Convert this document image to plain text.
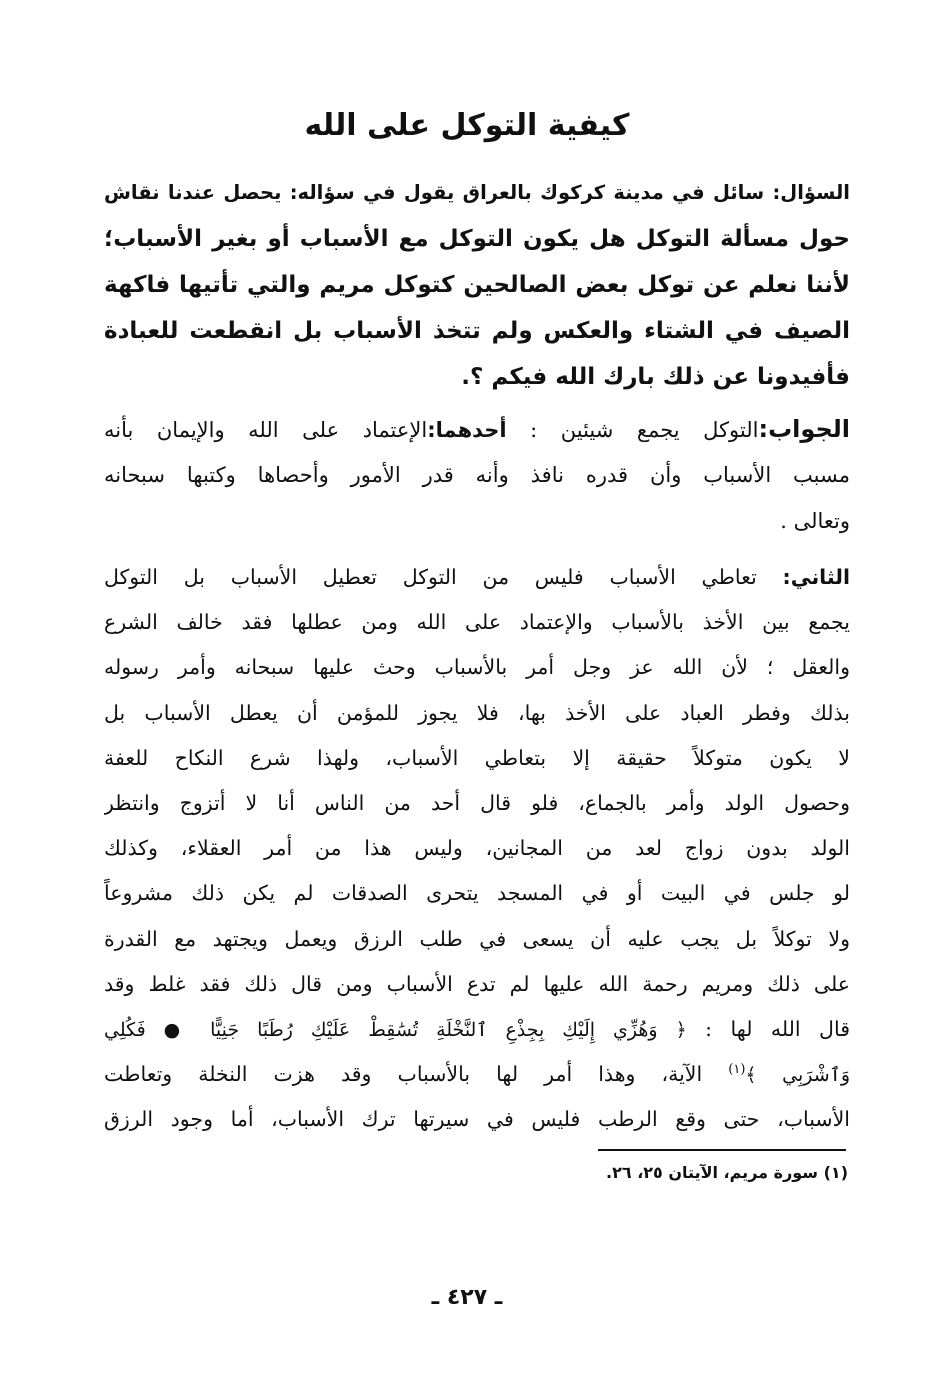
كيفية التوكل على الله
السؤال: سائل في مدينة كركوك بالعراق يقول في سؤاله: يحصل عندنا نقاش
حول مسألة التوكل هل يكون التوكل مع الأسباب أو بغير الأسباب؛
لأننا نعلم عن توكل بعض الصالحين كتوكل مريم والتي تأتيها فاكهة
الصيف في الشتاء والعكس ولم تتخذ الأسباب بل انقطعت للعبادة
فأفيدونا عن ذلك بارك الله فيكم ؟.
الجواب:التوكل يجمع شيئين : أحدهما:الإعتماد على الله والإيمان بأنه
مسبب الأسباب وأن قدره نافذ وأنه قدر الأمور وأحصاها وكتبها سبحانه
وتعالى .
الثاني: تعاطي الأسباب فليس من التوكل تعطيل الأسباب بل التوكل
يجمع بين الأخذ بالأسباب والإعتماد على الله ومن عطلها فقد خالف الشرع
والعقل ؛ لأن الله عز وجل أمر بالأسباب وحث عليها سبحانه وأمر رسوله
بذلك وفطر العباد على الأخذ بها، فلا يجوز للمؤمن أن يعطل الأسباب بل
لا يكون متوكلاً حقيقة إلا بتعاطي الأسباب، ولهذا شرع النكاح للعفة
وحصول الولد وأمر بالجماع، فلو قال أحد من الناس أنا لا أتزوج وانتظر
الولد بدون زواج لعد من المجانين، وليس هذا من أمر العقلاء، وكذلك
لو جلس في البيت أو في المسجد يتحرى الصدقات لم يكن ذلك مشروعاً
ولا توكلاً بل يجب عليه أن يسعى في طلب الرزق ويعمل ويجتهد مع القدرة
على ذلك ومريم رحمة الله عليها لم تدع الأسباب ومن قال ذلك فقد غلط وقد
قال الله لها : ﴿ وَهُزِّي إِلَيْكِ بِجِذْعِ ٱلنَّخْلَةِ تُسَٰقِطْ عَلَيْكِ رُطَبًا جَنِيًّا ● فَكُلِي
وَٱشْرَبِي ﴾$^{(١)}$ الآية، وهذا أمر لها بالأسباب وقد هزت النخلة وتعاطت
الأسباب، حتى وقع الرطب فليس في سيرتها ترك الأسباب، أما وجود الرزق
(١) سورة مريم، الآيتان ٢٥، ٢٦.
ـ ٤٢٧ ـ
